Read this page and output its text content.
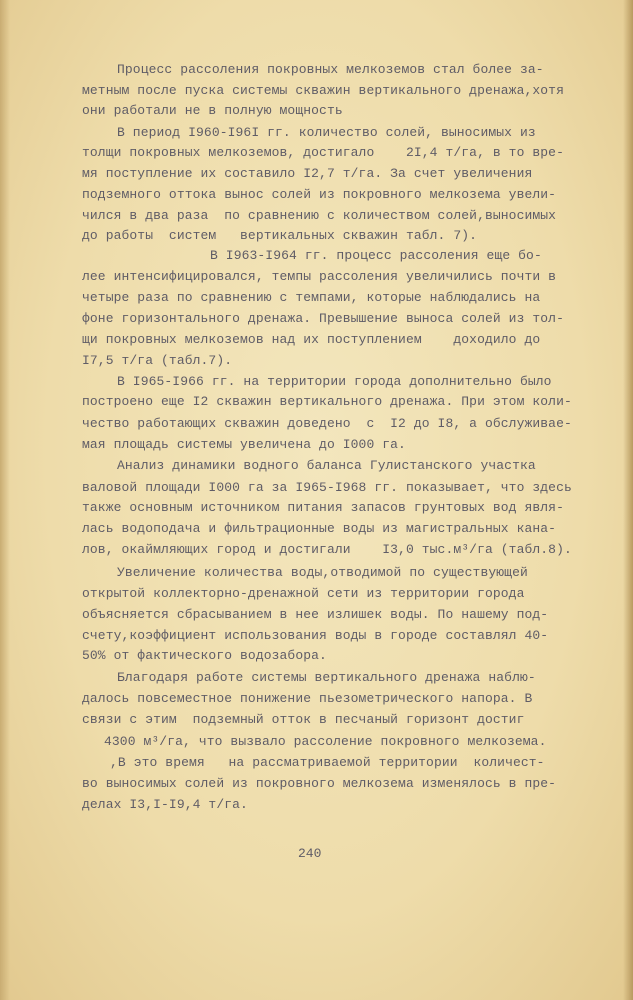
Процесс рассоления покровных мелкоземов стал более за-
метным после пуска системы скважин вертикального дренажа,хотя
они работали не в полную мощность
В период I960-I96I гг. количество солей, выносимых из
толщи покровных мелкоземов, достигало    2I,4 т/га, в то вре-
мя поступление их составило I2,7 т/га. За счет увеличения
подземного оттока вынос солей из покровного мелкозема увели-
чился в два раза  по сравнению с количеством солей,выносимых
до работы  систем   вертикальных скважин табл. 7).
В I963-I964 гг. процесс рассоления еще бо-
лее интенсифицировался, темпы рассоления увеличились почти в
четыре раза по сравнению с темпами, которые наблюдались на
фоне горизонтального дренажа. Превышение выноса солей из тол-
щи покровных мелкоземов над их поступлением    доходило до
I7,5 т/га (табл.7).
В I965-I966 гг. на территории города дополнительно было
построено еще I2 скважин вертикального дренажа. При этом коли-
чество работающих скважин доведено  с  I2 до I8, а обслуживае-
мая площадь системы увеличена до I000 га.
Анализ динамики водного баланса Гулистанского участка
валовой площади I000 га за I965-I968 гг. показывает, что здесь
также основным источником питания запасов грунтовых вод явля-
лась водоподача и фильтрационные воды из магистральных кана-
лов, окаймляющих город и достигали    I3,0 тыс.м³/га (табл.8).
Увеличение количества воды,отводимой по существующей
открытой коллекторно-дренажной сети из территории города
объясняется сбрасыванием в нее излишек воды. По нашему под-
счету,коэффициент использования воды в городе составлял 40-
50% от фактического водозабора.
Благодаря работе системы вертикального дренажа наблю-
далось повсеместное понижение пьезометрического напора. В
связи с этим  подземный отток в песчаный горизонт достиг
4300 м³/га, что вызвало рассоление покровного мелкозема.
,В это время   на рассматриваемой территории  количест-
во выносимых солей из покровного мелкозема изменялось в пре-
делах I3,I-I9,4 т/га.
240
